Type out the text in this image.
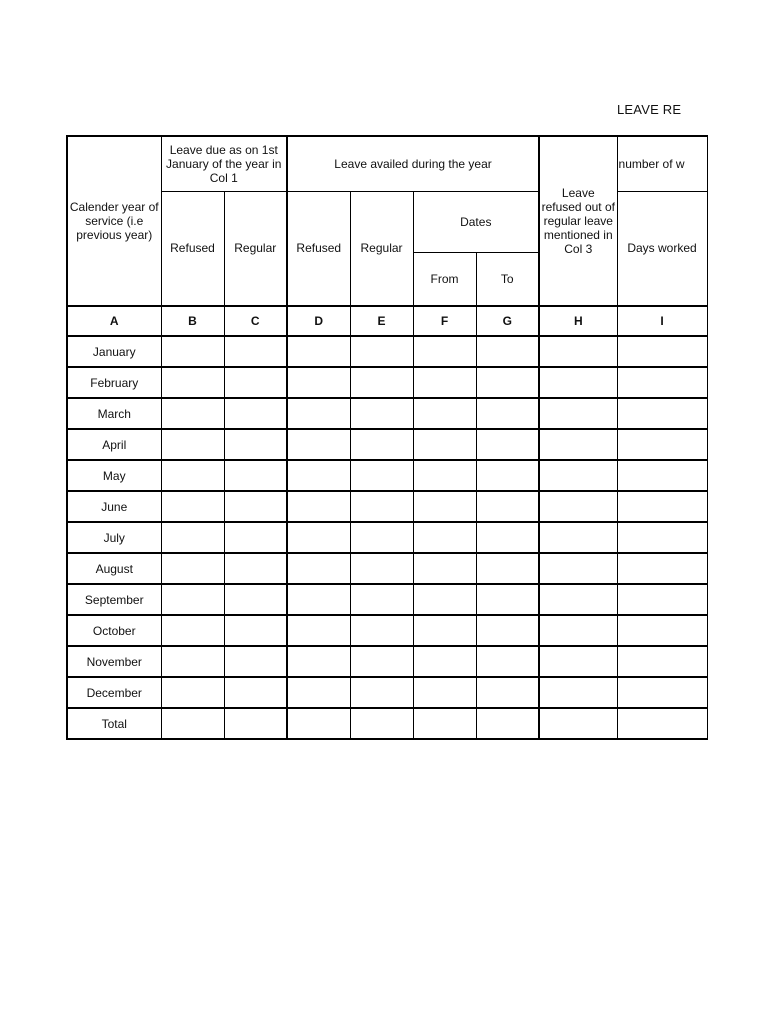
LEAVE RE
Calender year of service (i.e previous year)	Leave due as on 1st January of the year in Col 1		Leave availed during the year				Leave refused out of regular leave mentioned in Col 3	number of w
	Refused	Regular	Refused	Regular	Dates			Days worked
					From	To		
A	B	C	D	E	F	G	H	I
January								
February								
March								
April								
May								
June								
July								
August								
September								
October								
November								
December								
Total								
